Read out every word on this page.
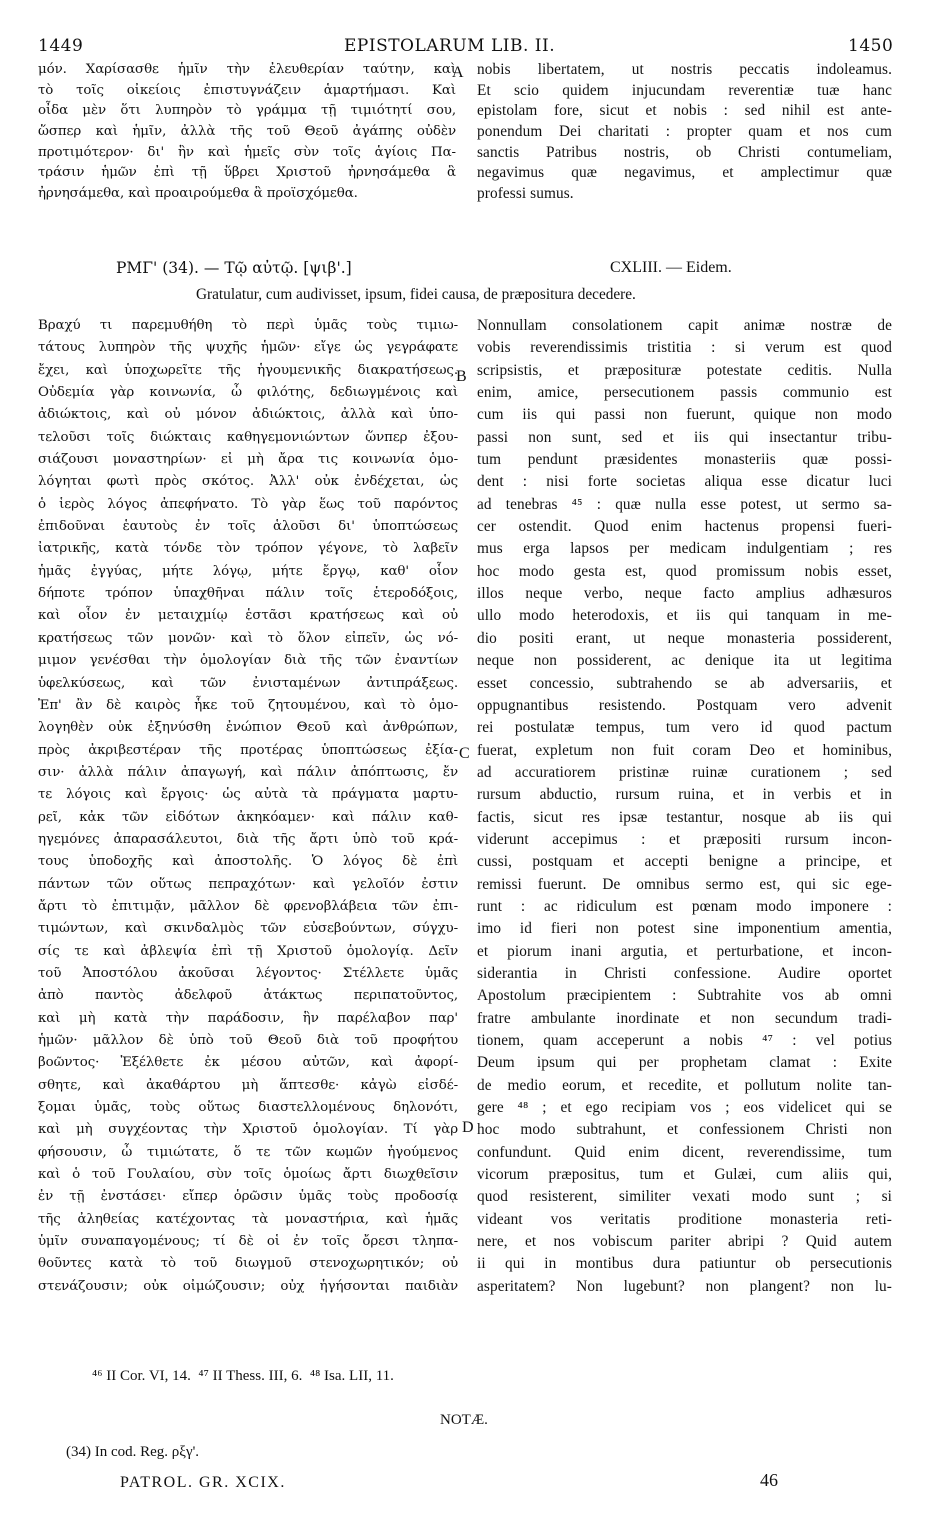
1449	EPISTOLARUM LIB. II.	1450
μόν. Χαρίσασθε ἡμῖν τὴν ἐλευθερίαν ταύτην, καὶ
τὸ τοῖς οἰκείοις ἐπιστυγνάζειν ἁμαρτήμασι. Καὶ
οἶδα μὲν ὅτι λυπηρὸν τὸ γράμμα τῇ τιμιότητί σου,
ὥσπερ καὶ ἡμῖν, ἀλλὰ τῆς τοῦ Θεοῦ ἀγάπης οὐδὲν
προτιμότερον· δι' ἣν καὶ ἡμεῖς σὺν τοῖς ἁγίοις Πα-
τράσιν ἡμῶν ἐπὶ τῇ ὕβρει Χριστοῦ ἠρνησάμεθα ἃ
ἠρνησάμεθα, καὶ προαιρούμεθα ἃ προϊσχόμεθα.
nobis libertatem, ut nostris peccatis indoleamus.
Et scio quidem injucundam reverentiæ tuæ hanc
epistolam fore, sicut et nobis : sed nihil est ante-
ponendum Dei charitati : propter quam et nos cum
sanctis Patribus nostris, ob Christi contumeliam,
negavimus quæ negavimus, et amplectimur quæ
professi sumus.
A
B
C
D
ΡΜΓ' (34). — Τῷ αὐτῷ. [ψιβ'.]	CXLIII. — Eidem.
Gratulatur, cum audivisset, ipsum, fidei causa, de præpositura decedere.
Βραχύ τι παρεμυθήθη τὸ περὶ ὑμᾶς τοὺς τιμιω-
τάτους λυπηρὸν τῆς ψυχῆς ἡμῶν· εἴγε ὡς γεγράφατε
ἔχει, καὶ ὑποχωρεῖτε τῆς ἡγουμενικῆς διακρατήσεως.
Οὐδεμία γὰρ κοινωνία, ὦ φιλότης, δεδιωγμένοις καὶ
ἀδιώκτοις, καὶ οὐ μόνον ἀδιώκτοις, ἀλλὰ καὶ ὑπο-
τελοῦσι τοῖς διώκταις καθηγεμονιώντων ὥνπερ ἐξου-
σιάζουσι μοναστηρίων· εἰ μὴ ἄρα τις κοινωνία ὁμο-
λόγηται φωτὶ πρὸς σκότος. Ἀλλ' οὐκ ἐνδέχεται, ὡς
ὁ ἱερὸς λόγος ἀπεφήνατο. Τὸ γὰρ ἕως τοῦ παρόντος
ἐπιδοῦναι ἑαυτοὺς ἐν τοῖς ἁλοῦσι δι' ὑποπτώσεως
ἰατρικῆς, κατὰ τόνδε τὸν τρόπον γέγονε, τὸ λαβεῖν
ἡμᾶς ἐγγύας, μήτε λόγῳ, μήτε ἔργῳ, καθ' οἷον
δήποτε τρόπον ὑπαχθῆναι πάλιν τοῖς ἑτεροδόξοις,
καὶ οἷον ἐν μεταιχμίῳ ἑστᾶσι κρατήσεως καὶ οὐ
κρατήσεως τῶν μονῶν· καὶ τὸ ὅλον εἰπεῖν, ὡς νό-
μιμον γενέσθαι τὴν ὁμολογίαν διὰ τῆς τῶν ἐναντίων
ὑφελκύσεως, καὶ τῶν ἐνισταμένων ἀντιπράξεως.
Ἐπ' ἂν δὲ καιρὸς ἧκε τοῦ ζητουμένου, καὶ τὸ ὁμο-
λογηθὲν οὐκ ἐξηνύσθη ἐνώπιον Θεοῦ καὶ ἀνθρώπων,
πρὸς ἀκριβεστέραν τῆς προτέρας ὑποπτώσεως ἐξία-
σιν· ἀλλὰ πάλιν ἀπαγωγή, καὶ πάλιν ἀπόπτωσις, ἔν
τε λόγοις καὶ ἔργοις· ὡς αὐτὰ τὰ πράγματα μαρτυ-
ρεῖ, κἀκ τῶν εἰδότων ἀκηκόαμεν· καὶ πάλιν καθ-
ηγεμόνες ἀπαρασάλευτοι, διὰ τῆς ἄρτι ὑπὸ τοῦ κρά-
τους ὑποδοχῆς καὶ ἀποστολῆς. Ὁ λόγος δὲ ἐπὶ
πάντων τῶν οὕτως πεπραχότων· καὶ γελοῖόν ἐστιν
ἄρτι τὸ ἐπιτιμᾷν, μᾶλλον δὲ φρενοβλάβεια τῶν ἐπι-
τιμώντων, καὶ σκινδαλμὸς τῶν εὐσεβούντων, σύγχυ-
σίς τε καὶ ἀβλεψία ἐπὶ τῇ Χριστοῦ ὁμολογίᾳ. Δεῖν
τοῦ Ἀποστόλου ἀκοῦσαι λέγοντος· Στέλλετε ὑμᾶς
ἀπὸ παντὸς ἀδελφοῦ ἀτάκτως περιπατοῦντος,
καὶ μὴ κατὰ τὴν παράδοσιν, ἣν παρέλαβον παρ'
ἡμῶν· μᾶλλον δὲ ὑπὸ τοῦ Θεοῦ διὰ τοῦ προφήτου
βοῶντος· Ἐξέλθετε ἐκ μέσου αὐτῶν, καὶ ἀφορί-
σθητε, καὶ ἀκαθάρτου μὴ ἅπτεσθε· κἀγὼ εἰσδέ-
ξομαι ὑμᾶς, τοὺς οὕτως διαστελλομένους δηλονότι,
καὶ μὴ συγχέοντας τὴν Χριστοῦ ὁμολογίαν. Τί γὰρ
φήσουσιν, ὦ τιμιώτατε, ὅ τε τῶν κωμῶν ἡγούμενος
καὶ ὁ τοῦ Γουλαίου, σὺν τοῖς ὁμοίως ἄρτι διωχθεῖσιν
ἐν τῇ ἐνστάσει· εἴπερ ὁρῶσιν ὑμᾶς τοὺς προδοσίᾳ
τῆς ἀληθείας κατέχοντας τὰ μοναστήρια, καὶ ἡμᾶς
ὑμῖν συναπαγομένους; τί δὲ οἱ ἐν τοῖς ὄρεσι τληπα-
θοῦντες κατὰ τὸ τοῦ διωγμοῦ στενοχωρητικόν; οὐ
στενάζουσιν; οὐκ οἰμώζουσιν; οὐχ ἡγήσονται παιδιὰν
Nonnullam consolationem capit animæ nostræ de
vobis reverendissimis tristitia : si verum est quod
scripsistis, et præposituræ potestate ceditis. Nulla
enim, amice, persecutionem passis communio est
cum iis qui passi non fuerunt, quique non modo
passi non sunt, sed et iis qui insectantur tribu-
tum pendunt præsidentes monasteriis quæ possi-
dent : nisi forte societas aliqua esse dicatur luci
ad tenebras ⁴⁵ : quæ nulla esse potest, ut sermo sa-
cer ostendit. Quod enim hactenus propensi fueri-
mus erga lapsos per medicam indulgentiam ; res
hoc modo gesta est, quod promissum nobis esset,
illos neque verbo, neque facto amplius adhæsuros
ullo modo heterodoxis, et iis qui tanquam in me-
dio positi erant, ut neque monasteria possiderent,
neque non possiderent, ac denique ita ut legitima
esset concessio, subtrahendo se ab adversariis, et
oppugnantibus resistendo. Postquam vero advenit
rei postulatæ tempus, tum vero id quod pactum
fuerat, expletum non fuit coram Deo et hominibus,
ad accuratiorem pristinæ ruinæ curationem ; sed
rursum abductio, rursum ruina, et in verbis et in
factis, sicut res ipsæ testantur, nosque ab iis qui
viderunt accepimus : et præpositi rursum incon-
cussi, postquam et accepti benigne a principe, et
remissi fuerunt. De omnibus sermo est, qui sic ege-
runt : ac ridiculum est pœnam modo imponere :
imo id fieri non potest sine imponentium amentia,
et piorum inani argutia, et perturbatione, et incon-
siderantia in Christi confessione. Audire oportet
Apostolum præcipientem : Subtrahite vos ab omni
fratre ambulante inordinate et non secundum tradi-
tionem, quam acceperunt a nobis ⁴⁷ : vel potius
Deum ipsum qui per prophetam clamat : Exite
de medio eorum, et recedite, et pollutum nolite tan-
gere ⁴⁸ ; et ego recipiam vos ; eos videlicet qui se
hoc modo subtrahunt, et confessionem Christi non
confundunt. Quid enim dicent, reverendissime, tum
vicorum præpositus, tum et Gulæi, cum aliis qui,
quod resisterent, similiter vexati modo sunt ; si
videant vos veritatis proditione monasteria reti-
nere, et nos vobiscum pariter abripi ? Quid autem
ii qui in montibus dura patiuntur ob persecutionis
asperitatem? Non lugebunt? non plangent? non lu-
⁴⁶ II Cor. VI, 14.  ⁴⁷ II Thess. III, 6.  ⁴⁸ Isa. LII, 11.
NOTÆ.
(34) In cod. Reg. ρξγ'.
PATROL. GR. XCIX.	46
